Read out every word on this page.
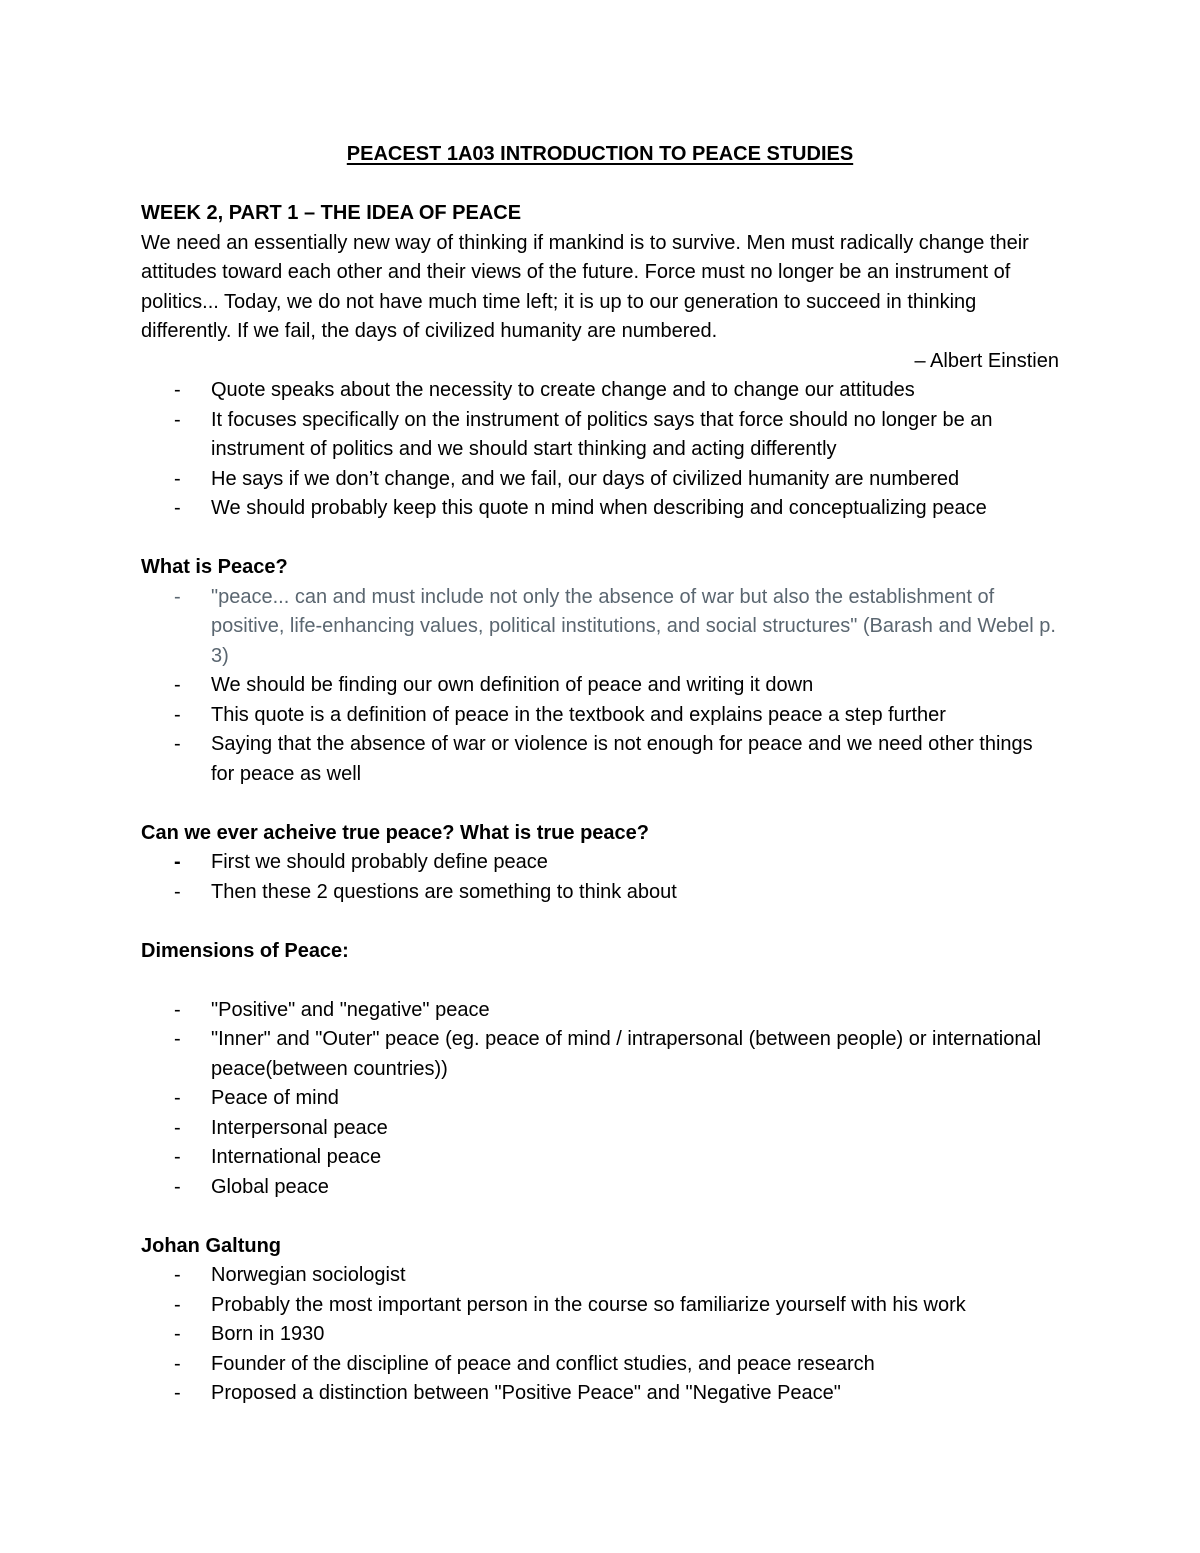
PEACEST 1A03 INTRODUCTION TO PEACE STUDIES
WEEK 2, PART 1 – THE IDEA OF PEACE

We need an essentially new way of thinking if mankind is to survive. Men must radically change their attitudes toward each other and their views of the future. Force must no longer be an instrument of politics... Today, we do not have much time left; it is up to our generation to succeed in thinking differently. If we fail, the days of civilized humanity are numbered.

– Albert Einstien

- Quote speaks about the necessity to create change and to change our attitudes
- It focuses specifically on the instrument of politics says that force should no longer be an instrument of politics and we should start thinking and acting differently
- He says if we don’t change, and we fail, our days of civilized humanity are numbered
- We should probably keep this quote n mind when describing and conceptualizing peace
What is Peace?
- "peace... can and must include not only the absence of war but also the establishment of positive, life-enhancing values, political institutions, and social structures" (Barash and Webel p. 3)
- We should be finding our own definition of peace and writing it down
- This quote is a definition of peace in the textbook and explains peace a step further
- Saying that the absence of war or violence is not enough for peace and we need other things for peace as well
Can we ever acheive true peace? What is true peace?
- First we should probably define peace
- Then these 2 questions are something to think about
Dimensions of Peace:
- "Positive" and "negative" peace
- "Inner" and "Outer" peace (eg. peace of mind / intrapersonal (between people) or international peace(between countries))
- Peace of mind
- Interpersonal peace
- International peace
- Global peace
Johan Galtung
- Norwegian sociologist
- Probably the most important person in the course so familiarize yourself with his work
- Born in 1930
- Founder of the discipline of peace and conflict studies, and peace research
- Proposed a distinction between "Positive Peace" and "Negative Peace"
